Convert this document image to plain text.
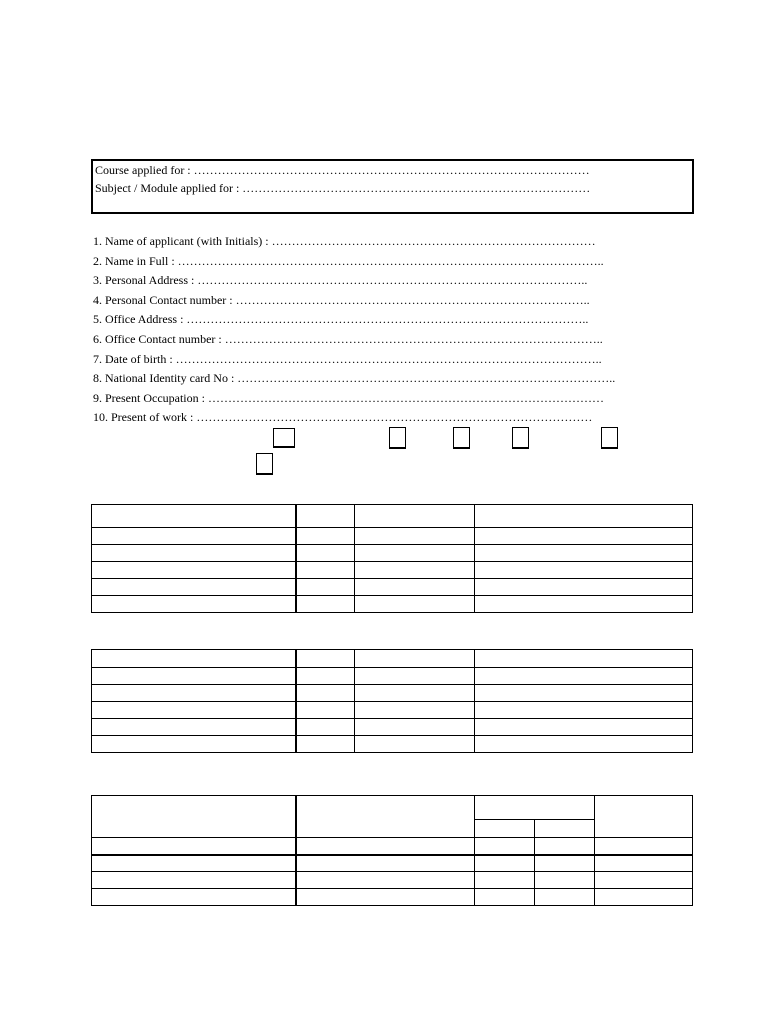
Course applied for : ………………………………………………………………………………………
Subject / Module applied for : ……………………………………………………………………………
1. Name of applicant (with Initials) : ………………………………………………………………………
2. Name in Full : ……………………………………………………………………………………………..
3. Personal Address : ……………………………………………………………………………………..
4. Personal Contact number : ……………………………………………………………………………..
5. Office Address : ………………………………………………………………………………………..
6. Office Contact number : …………………………………………………………………………………..
7. Date of birth : ……………………………………………………………………………………………..
8. National Identity card No : …………………………………………………………………………………..
9. Present Occupation : ………………………………………………………………………………………
10. Present of work : ………………………………………………………………………………………
